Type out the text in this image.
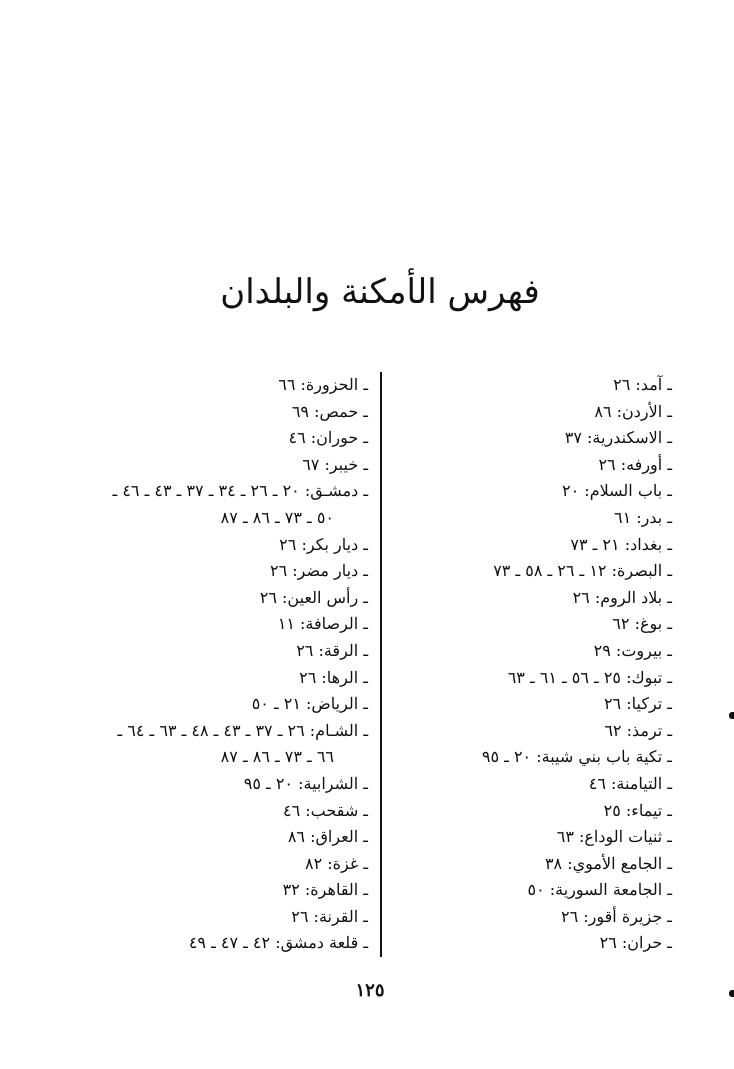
فهرس الأمكنة والبلدان
ـ آمد: ٢٦
ـ الأردن: ٨٦
ـ الاسكندرية: ٣٧
ـ أورفه: ٢٦
ـ باب السلام: ٢٠
ـ بدر: ٦١
ـ بغداد: ٢١ ـ ٧٣
ـ البصرة: ١٢ ـ ٢٦ ـ ٥٨ ـ ٧٣
ـ بلاد الروم: ٢٦
ـ بوغ: ٦٢
ـ بيروت: ٢٩
ـ تبوك: ٢٥ ـ ٥٦ ـ ٦١ ـ ٦٣
ـ تركيا: ٢٦
ـ ترمذ: ٦٢
ـ تكية باب بني شيبة: ٢٠ ـ ٩٥
ـ التيامنة: ٤٦
ـ تيماء: ٢٥
ـ ثنيات الوداع: ٦٣
ـ الجامع الأموي: ٣٨
ـ الجامعة السورية: ٥٠
ـ جزيرة أقور: ٢٦
ـ حران: ٢٦
ـ الحزورة: ٦٦
ـ حمص: ٦٩
ـ حوران: ٤٦
ـ خيبر: ٦٧
ـ دمشـق: ٢٠ ـ ٢٦ ـ ٣٤ ـ ٣٧ ـ ٤٣ ـ ٤٦ ـ
٥٠ ـ ٧٣ ـ ٨٦ ـ ٨٧
ـ ديار بكر: ٢٦
ـ ديار مضر: ٢٦
ـ رأس العين: ٢٦
ـ الرصافة: ١١
ـ الرقة: ٢٦
ـ الرها: ٢٦
ـ الرياض: ٢١ ـ ٥٠
ـ الشـام: ٢٦ ـ ٣٧ ـ ٤٣ ـ ٤٨ ـ ٦٣ ـ ٦٤ ـ
٦٦ ـ ٧٣ ـ ٨٦ ـ ٨٧
ـ الشرابية: ٢٠ ـ ٩٥
ـ شقحب: ٤٦
ـ العراق: ٨٦
ـ غزة: ٨٢
ـ القاهرة: ٣٢
ـ القرنة: ٢٦
ـ قلعة دمشق: ٤٢ ـ ٤٧ ـ ٤٩
١٢٥
